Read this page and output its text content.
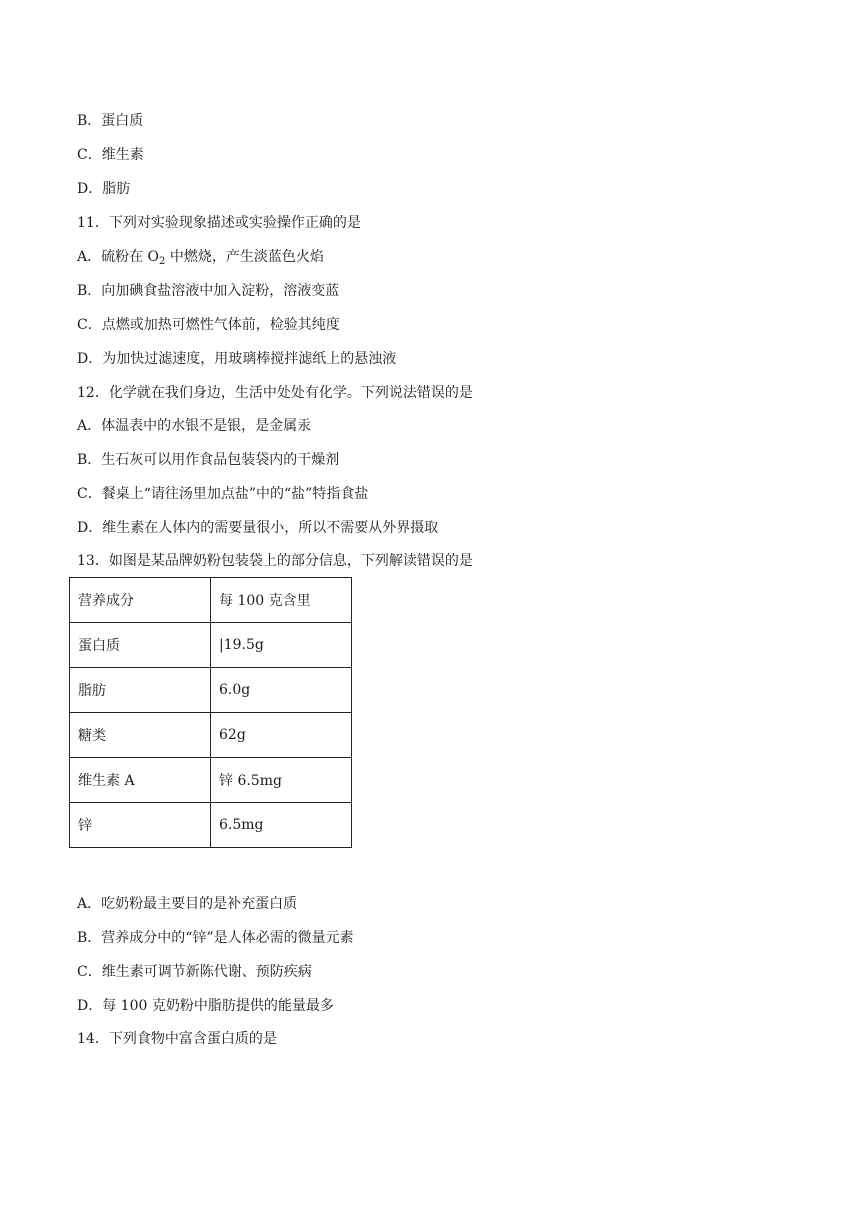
B．蛋白质
C．维生素
D．脂肪
11．下列对实验现象描述或实验操作正确的是
A．硫粉在 $O_2$ 中燃烧，产生淡蓝色火焰
B．向加碘食盐溶液中加入淀粉，溶液变蓝
C．点燃或加热可燃性气体前，检验其纯度
D．为加快过滤速度，用玻璃棒搅拌滤纸上的悬浊液
12．化学就在我们身边，生活中处处有化学。下列说法错误的是
A．体温表中的水银不是银，是金属汞
B．生石灰可以用作食品包装袋内的干燥剂
C．餐桌上“请往汤里加点盐”中的“盐”特指食盐
D．维生素在人体内的需要量很小，所以不需要从外界摄取
13．如图是某品牌奶粉包装袋上的部分信息，下列解读错误的是
营养成分	每 100 克含里
蛋白质	|19.5g
脂肪	6.0g
糖类	62g
维生素 A	锌 6.5mg
锌	6.5mg
A．吃奶粉最主要目的是补充蛋白质
B．营养成分中的“锌”是人体必需的微量元素
C．维生素可调节新陈代谢、预防疾病
D．每 100 克奶粉中脂肪提供的能量最多
14．下列食物中富含蛋白质的是
